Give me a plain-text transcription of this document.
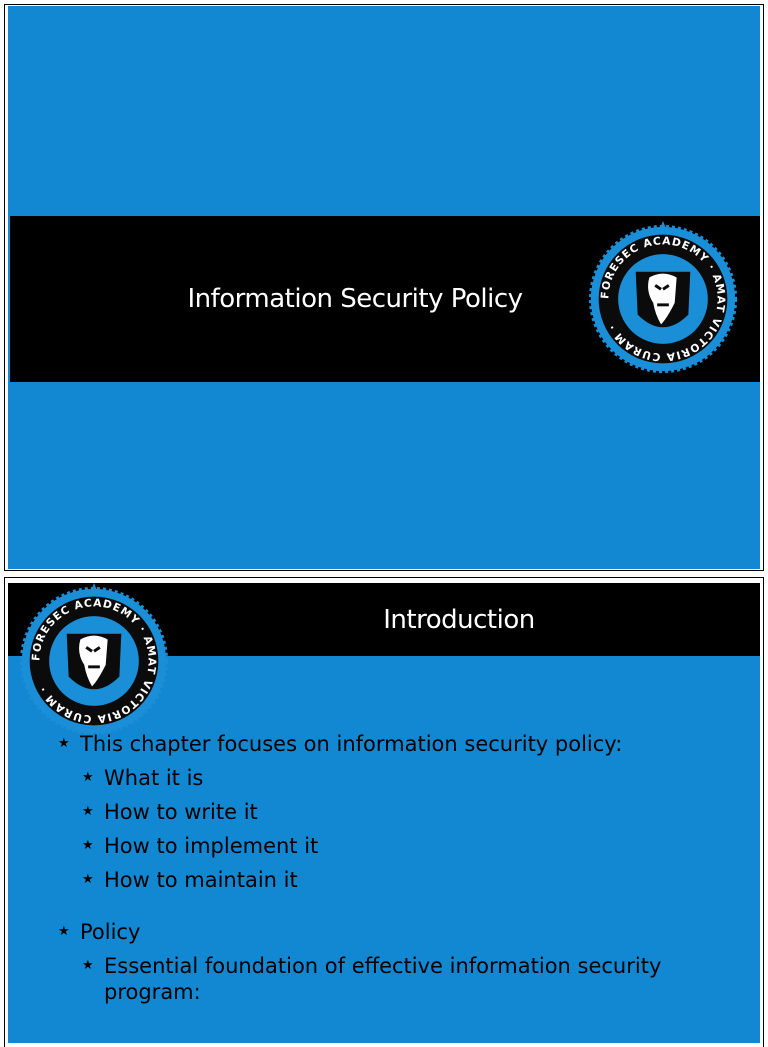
Information Security Policy	FORESEC ACADEMY · AMAT VICTORIA CURAM ·
Introduction
FORESEC ACADEMY · AMAT VICTORIA CURAM ·
★ This chapter focuses on information security policy:
★ What it is
★ How to write it
★ How to implement it
★ How to maintain it
★ Policy
★ Essential foundation of effective information security program:
